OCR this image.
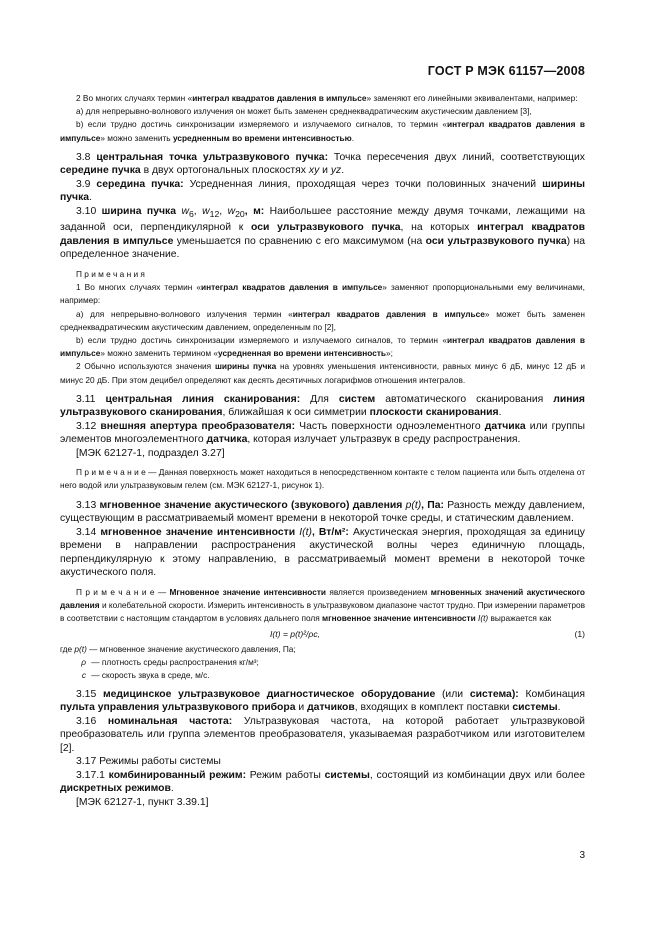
ГОСТ Р МЭК 61157—2008

2 Во многих случаях термин «интеграл квадратов давления в импульсе» заменяют его линейными эквивалентами, например:

а) для непрерывно-волнового излучения он может быть заменен среднеквадратическим акустическим давлением [3],

b) если трудно достичь синхронизации измеряемого и излучаемого сигналов, то термин «интеграл квадратов давления в импульсе» можно заменить усредненным во времени интенсивностью.

3.8 центральная точка ультразвукового пучка: Точка пересечения двух линий, соответствующих середине пучка в двух ортогональных плоскостях xy и yz.

3.9 середина пучка: Усредненная линия, проходящая через точки половинных значений ширины пучка.

3.10 ширина пучка $w_6$, $w_{12}$, $w_{20}$, м: Наибольшее расстояние между двумя точками, лежащими на заданной оси, перпендикулярной к оси ультразвукового пучка, на которых интеграл квадратов давления в импульсе уменьшается по сравнению с его максимумом (на оси ультразвукового пучка) на определенное значение.

П р и м е ч а н и я

1 Во многих случаях термин «интеграл квадратов давления в импульсе» заменяют пропорциональными ему величинами, например:

а) для непрерывно-волнового излучения термин «интеграл квадратов давления в импульсе» может быть заменен среднеквадратическим акустическим давлением, определенным по [2],

b) если трудно достичь синхронизации измеряемого и излучаемого сигналов, то термин «интеграл квадратов давления в импульсе» можно заменить термином «усредненная во времени интенсивность»;

2 Обычно используются значения ширины пучка на уровнях уменьшения интенсивности, равных минус 6 дБ, минус 12 дБ и минус 20 дБ. При этом децибел определяют как десять десятичных логарифмов отношения интегралов.

3.11 центральная линия сканирования: Для систем автоматического сканирования линия ультразвукового сканирования, ближайшая к оси симметрии плоскости сканирования.

3.12 внешняя апертура преобразователя: Часть поверхности одноэлементного датчика или группы элементов многоэлементного датчика, которая излучает ультразвук в среду распространения.

[МЭК 62127-1, подраздел 3.27]

П р и м е ч а н и е — Данная поверхность может находиться в непосредственном контакте с телом пациента или быть отделена от него водой или ультразвуковым гелем (см. МЭК 62127-1, рисунок 1).

3.13 мгновенное значение акустического (звукового) давления p(t), Па: Разность между давлением, существующим в рассматриваемый момент времени в некоторой точке среды, и статическим давлением.

3.14 мгновенное значение интенсивности I(t), Вт/м²: Акустическая энергия, проходящая за единицу времени в направлении распространения акустической волны через единичную площадь, перпендикулярную к этому направлению, в рассматриваемый момент времени в некоторой точке акустического поля.

П р и м е ч а н и е — Мгновенное значение интенсивности является произведением мгновенных значений акустического давления и колебательной скорости. Измерить интенсивность в ультразвуковом диапазоне частот трудно. При измерении параметров в соответствии с настоящим стандартом в условиях дальнего поля мгновенное значение интенсивности I(t) выражается как

I(t) = p(t)²/ρc,	(1)

где p(t) — мгновенное значение акустического давления, Па;

ρ — плотность среды распространения кг/м³;

c — скорость звука в среде, м/с.

3.15 медицинское ультразвуковое диагностическое оборудование (или система): Комбинация пульта управления ультразвукового прибора и датчиков, входящих в комплект поставки системы.

3.16 номинальная частота: Ультразвуковая частота, на которой работает ультразвуковой преобразователь или группа элементов преобразователя, указываемая разработчиком или изготовителем [2].

3.17 Режимы работы системы

3.17.1 комбинированный режим: Режим работы системы, состоящий из комбинации двух или более дискретных режимов.

[МЭК 62127-1, пункт 3.39.1]

3
